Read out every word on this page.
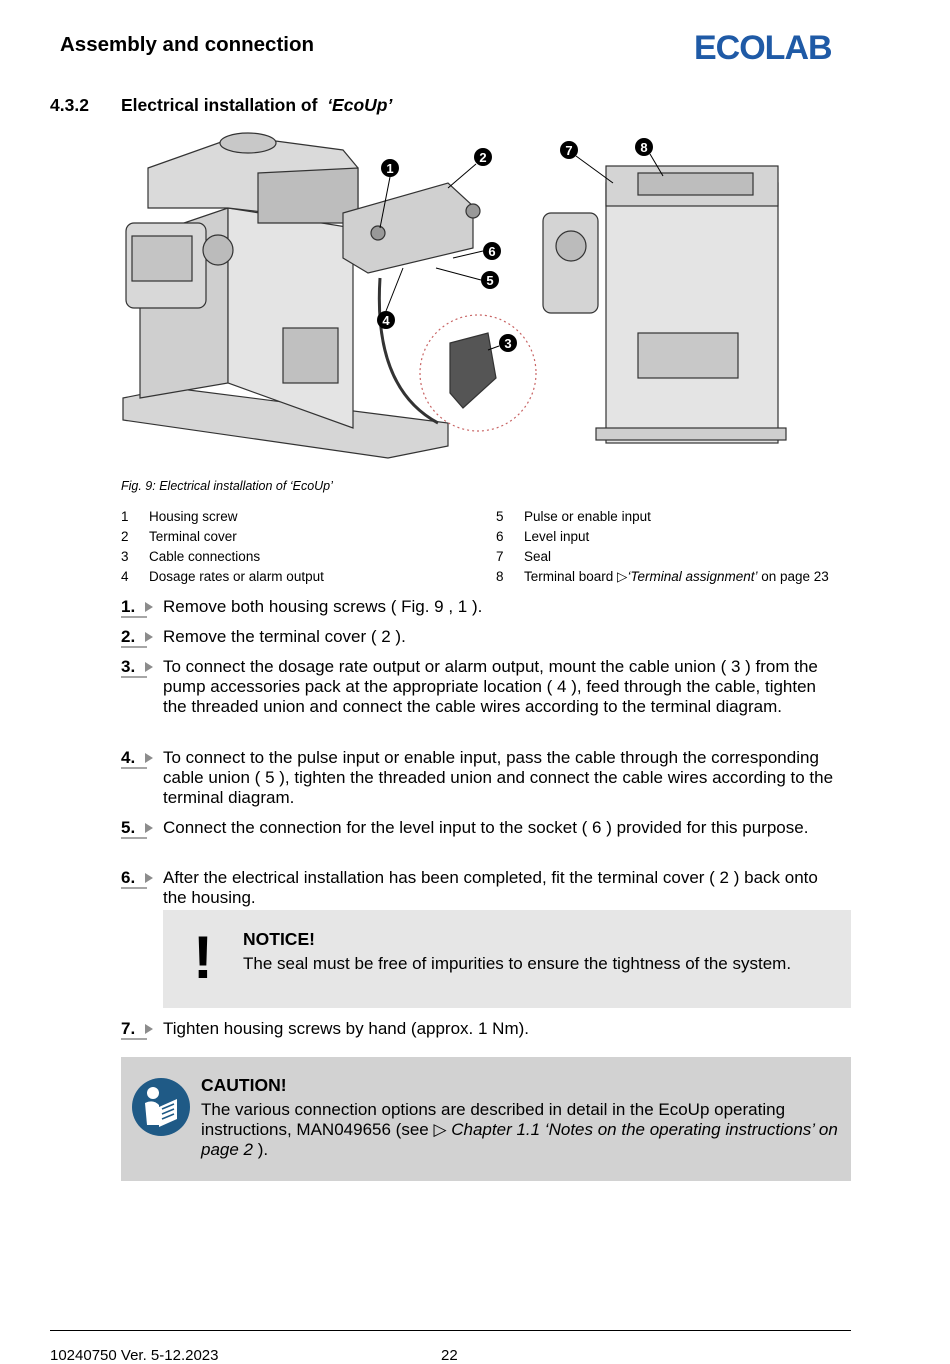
Assembly and connection	ECOLAB
4.3.2 Electrical installation of ‘EcoUp’
1
2
3
4
5
6
7	8
Fig. 9: Electrical installation of ‘EcoUp’
1 Housing screw
2 Terminal cover
3 Cable connections
4 Dosage rates or alarm output
5 Pulse or enable input
6 Level input
7 Seal
8 Terminal board ▷‘Terminal assignment’ on page 23
1.	Remove both housing screws ( Fig. 9 , 1 ).
2.	Remove the terminal cover ( 2 ).
3.	To connect the dosage rate output or alarm output, mount the cable union ( 3 ) from the pump accessories pack at the appropriate location ( 4 ), feed through the cable, tighten the threaded union and connect the cable wires according to the terminal diagram.
4.	To connect to the pulse input or enable input, pass the cable through the corresponding cable union ( 5 ), tighten the threaded union and connect the cable wires according to the terminal diagram.
5.	Connect the connection for the level input to the socket ( 6 ) provided for this purpose.
6.	After the electrical installation has been completed, fit the terminal cover ( 2 ) back onto the housing.
! NOTICE!
The seal must be free of impurities to ensure the tightness of the system.
7.	Tighten housing screws by hand (approx. 1 Nm).
CAUTION!
The various connection options are described in detail in the EcoUp operating instructions, MAN049656 (see ▷ Chapter 1.1 ‘Notes on the operating instructions’ on page 2 ).
10240750 Ver. 5-12.2023	22
